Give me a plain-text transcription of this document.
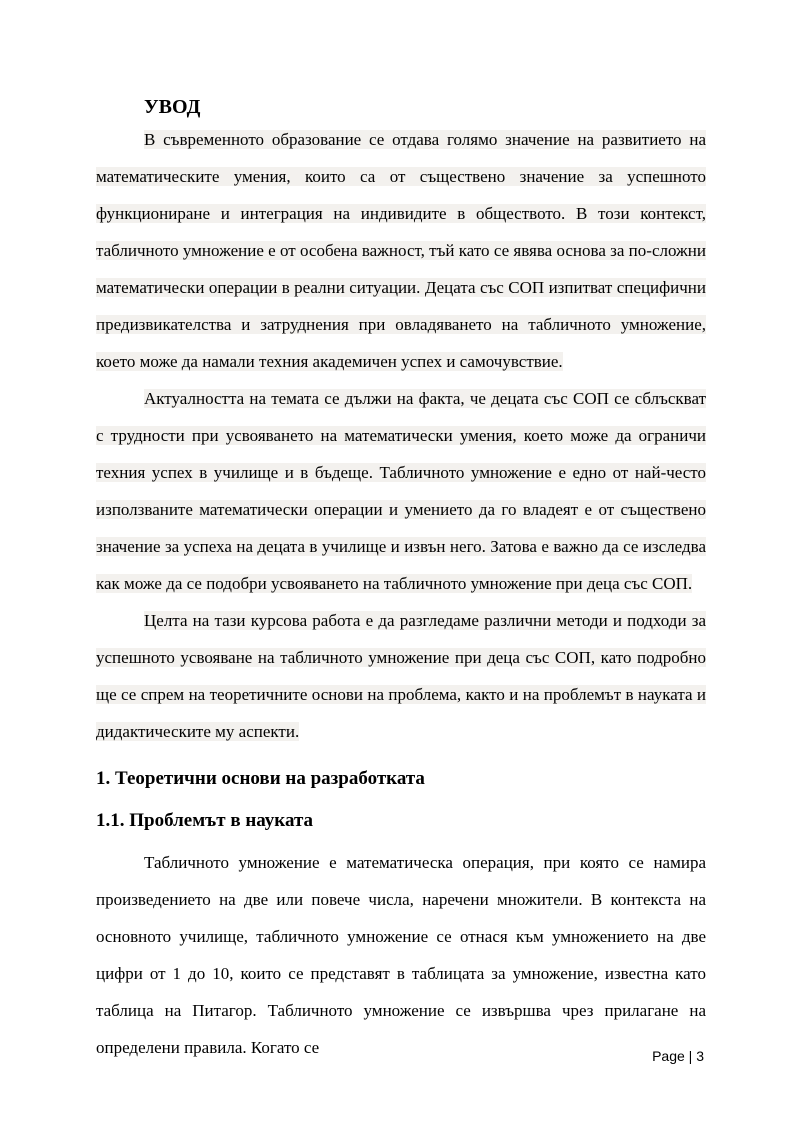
УВОД

В съвременното образование се отдава голямо значение на развитието на математическите умения, които са от съществено значение за успешното функциониране и интеграция на индивидите в обществото. В този контекст, табличното умножение е от особена важност, тъй като се явява основа за по-сложни математически операции в реални ситуации. Децата със СОП изпитват специфични предизвикателства и затруднения при овладяването на табличното умножение, което може да намали техния академичен успех и самочувствие.

Актуалността на темата се дължи на факта, че децата със СОП се сблъскват с трудности при усвояването на математически умения, което може да ограничи техния успех в училище и в бъдеще. Табличното умножение е едно от най-често използваните математически операции и умението да го владеят е от съществено значение за успеха на децата в училище и извън него. Затова е важно да се изследва как може да се подобри усвояването на табличното умножение при деца със СОП.

Целта на тази курсова работа е да разгледаме различни методи и подходи за успешното усвояване на табличното умножение при деца със СОП, като подробно ще се спрем на теоретичните основи на проблема, както и на проблемът в науката и дидактическите му аспекти.

1. Теоретични основи на разработката
1.1. Проблемът в науката

Табличното умножение е математическа операция, при която се намира произведението на две или повече числа, наречени множители. В контекста на основното училище, табличното умножение се отнася към умножението на две цифри от 1 до 10, които се представят в таблицата за умножение, известна като таблица на Питагор. Табличното умножение се извършва чрез прилагане на определени правила. Когато се	Page | 3
